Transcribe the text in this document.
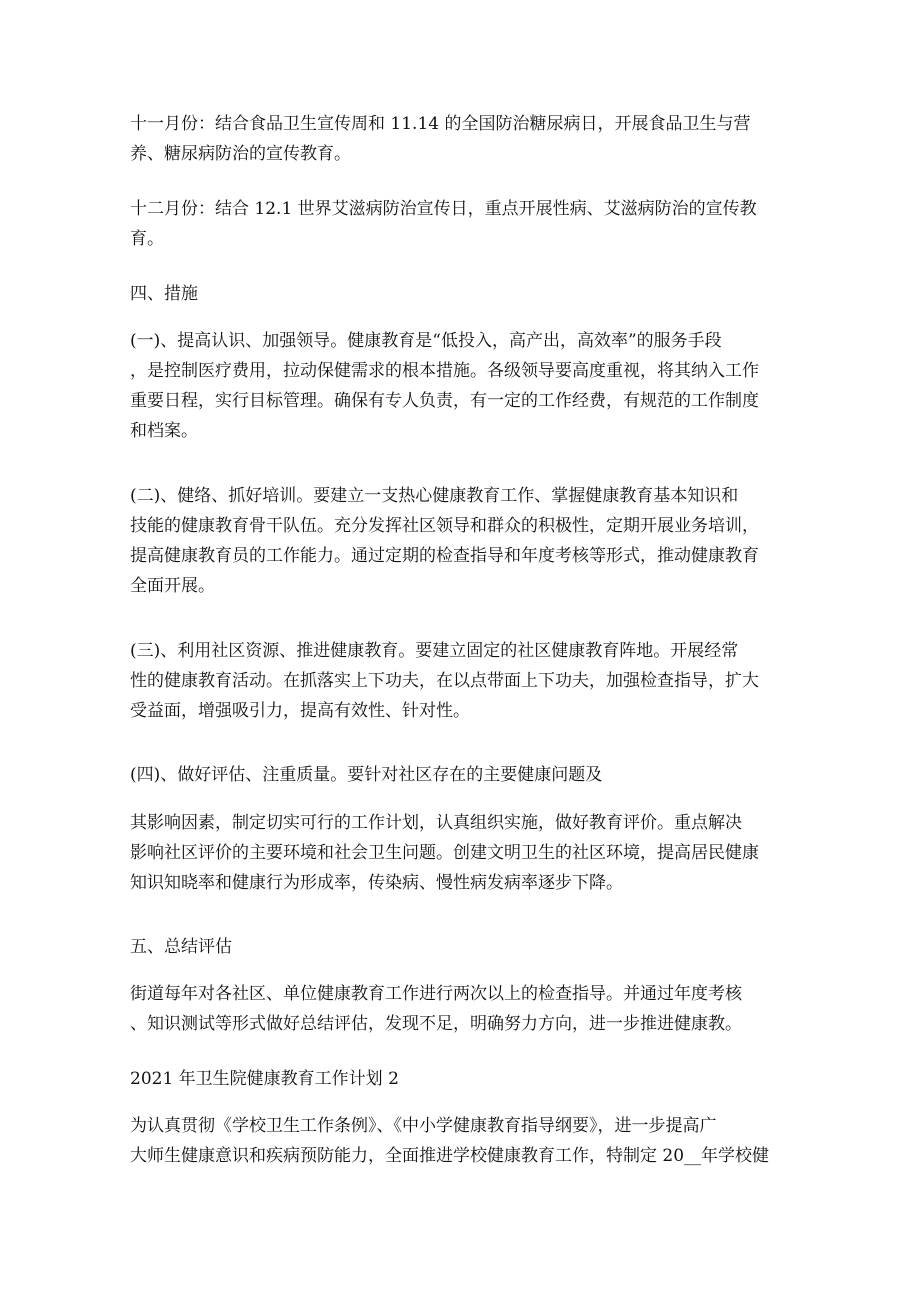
十一月份：结合食品卫生宣传周和 11.14 的全国防治糖尿病日，开展食品卫生与营
养、糖尿病防治的宣传教育。

十二月份：结合 12.1 世界艾滋病防治宣传日，重点开展性病、艾滋病防治的宣传教
育。

四、措施

(一)、提高认识、加强领导。健康教育是“低投入，高产出，高效率”的服务手段
，是控制医疗费用，拉动保健需求的根本措施。各级领导要高度重视，将其纳入工作
重要日程，实行目标管理。确保有专人负责，有一定的工作经费，有规范的工作制度
和档案。

(二)、健络、抓好培训。要建立一支热心健康教育工作、掌握健康教育基本知识和
技能的健康教育骨干队伍。充分发挥社区领导和群众的积极性，定期开展业务培训，
提高健康教育员的工作能力。通过定期的检查指导和年度考核等形式，推动健康教育
全面开展。

(三)、利用社区资源、推进健康教育。要建立固定的社区健康教育阵地。开展经常
性的健康教育活动。在抓落实上下功夫，在以点带面上下功夫，加强检查指导，扩大
受益面，增强吸引力，提高有效性、针对性。

(四)、做好评估、注重质量。要针对社区存在的主要健康问题及

其影响因素，制定切实可行的工作计划，认真组织实施，做好教育评价。重点解决
影响社区评价的主要环境和社会卫生问题。创建文明卫生的社区环境，提高居民健康
知识知晓率和健康行为形成率，传染病、慢性病发病率逐步下降。

五、总结评估

街道每年对各社区、单位健康教育工作进行两次以上的检查指导。并通过年度考核
、知识测试等形式做好总结评估，发现不足，明确努力方向，进一步推进健康教。

2021 年卫生院健康教育工作计划 2

为认真贯彻《学校卫生工作条例》、《中小学健康教育指导纲要》，进一步提高广
大师生健康意识和疾病预防能力，全面推进学校健康教育工作，特制定 20__年学校健
